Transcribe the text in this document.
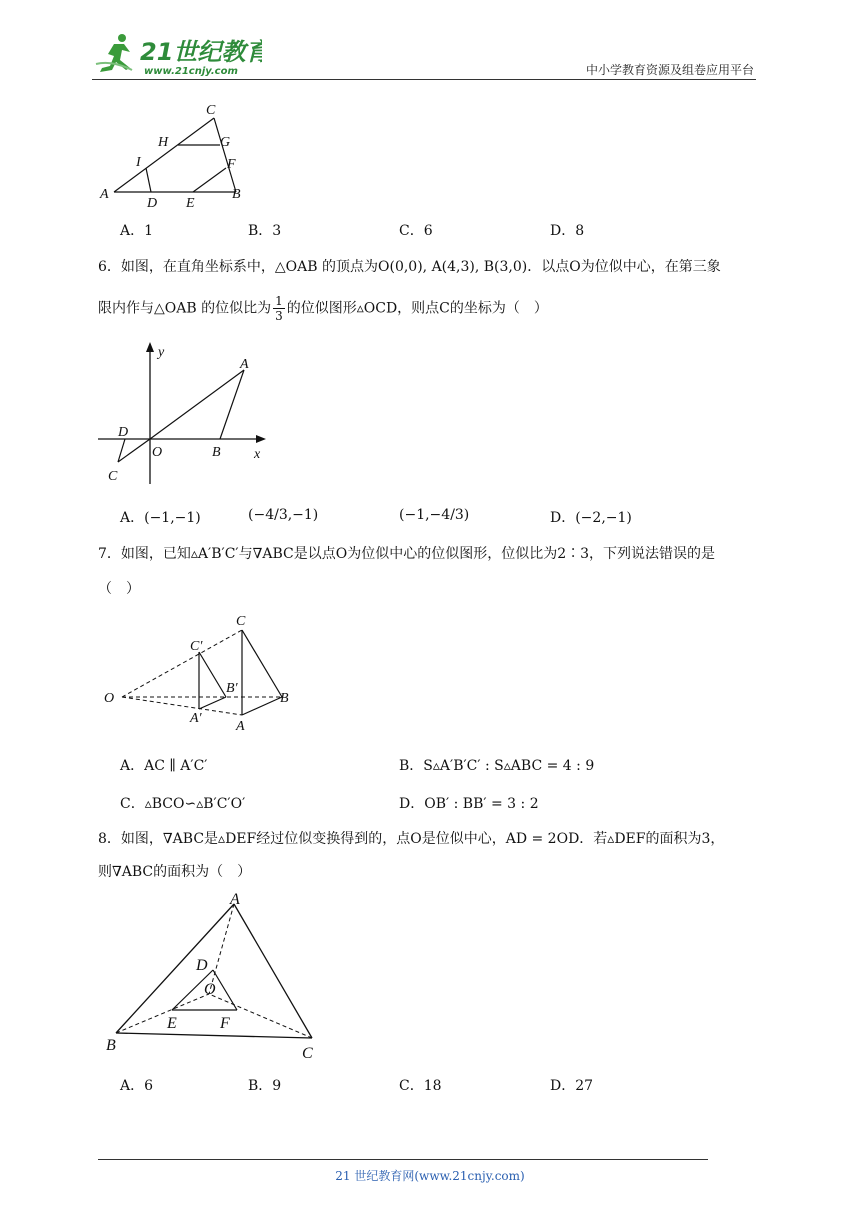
21世纪教育
www.21cnjy.com	中小学教育资源及组卷应用平台
C
H	G
I	F
A
D E
B
A．1	B．3	C．6	D．8
6．如图，在直角坐标系中，△OAB 的顶点为O(0,0), A(4,3), B(3,0)．以点O为位似中心，在第三象
限内作与△OAB 的位似比为 $\frac{1}{3}$ 的位似图形▵OCD，则点C的坐标为（　）
y
A
D
O	B x
C
A．(−1,−1)	(−4/3,−1)	(−1,−4/3)	D．(−2,−1)
7．如图，已知▵A′B′C′与∇ABC是以点O为位似中心的位似图形，位似比为2∶3，下列说法错误的是
（　）
C
C′
B′
O	B
A′
A
A．AC ∥ A′C′	B．S▵A′B′C′ : S▵ABC = 4 : 9
C．▵BCO∽▵B′C′O′	D．OB′ : BB′ = 3 : 2
8．如图，∇ABC是▵DEF经过位似变换得到的，点O是位似中心，AD = 2OD．若▵DEF的面积为3，
则∇ABC的面积为（　）
A
D
O
E	F
B	C
A．6	B．9	C．18	D．27
21 世纪教育网(www.21cnjy.com)
